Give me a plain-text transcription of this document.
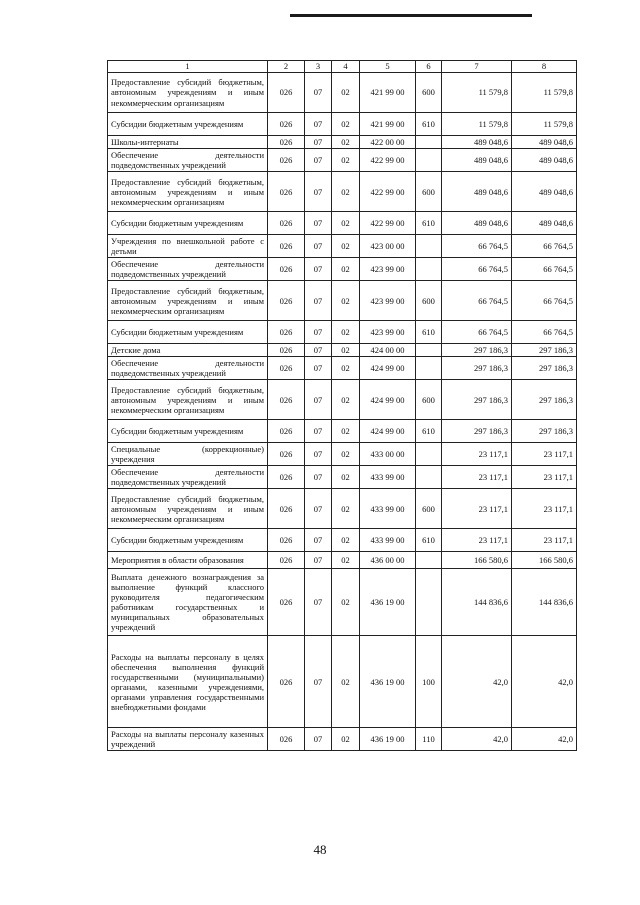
1	2	3	4	5	6	7	8
Предоставление субсидий бюджетным, автономным учреждениям и иным некоммерческим организациям	026	07	02	421 99 00	600	11 579,8	11 579,8
Субсидии бюджетным учреждениям	026	07	02	421 99 00	610	11 579,8	11 579,8
Школы-интернаты	026	07	02	422 00 00		489 048,6	489 048,6
Обеспечение деятельности подведомственных учреждений	026	07	02	422 99 00		489 048,6	489 048,6
Предоставление субсидий бюджетным, автономным учреждениям и иным некоммерческим организациям	026	07	02	422 99 00	600	489 048,6	489 048,6
Субсидии бюджетным учреждениям	026	07	02	422 99 00	610	489 048,6	489 048,6
Учреждения по внешкольной работе с детьми	026	07	02	423 00 00		66 764,5	66 764,5
Обеспечение деятельности подведомственных учреждений	026	07	02	423 99 00		66 764,5	66 764,5
Предоставление субсидий бюджетным, автономным учреждениям и иным некоммерческим организациям	026	07	02	423 99 00	600	66 764,5	66 764,5
Субсидии бюджетным учреждениям	026	07	02	423 99 00	610	66 764,5	66 764,5
Детские дома	026	07	02	424 00 00		297 186,3	297 186,3
Обеспечение деятельности подведомственных учреждений	026	07	02	424 99 00		297 186,3	297 186,3
Предоставление субсидий бюджетным, автономным учреждениям и иным некоммерческим организациям	026	07	02	424 99 00	600	297 186,3	297 186,3
Субсидии бюджетным учреждениям	026	07	02	424 99 00	610	297 186,3	297 186,3
Специальные (коррекционные) учреждения	026	07	02	433 00 00		23 117,1	23 117,1
Обеспечение деятельности подведомственных учреждений	026	07	02	433 99 00		23 117,1	23 117,1
Предоставление субсидий бюджетным, автономным учреждениям и иным некоммерческим организациям	026	07	02	433 99 00	600	23 117,1	23 117,1
Субсидии бюджетным учреждениям	026	07	02	433 99 00	610	23 117,1	23 117,1
Мероприятия в области образования	026	07	02	436 00 00		166 580,6	166 580,6
Выплата денежного вознаграждения за выполнение функций классного руководителя педагогическим работникам государственных и муниципальных образовательных учреждений	026	07	02	436 19 00		144 836,6	144 836,6
Расходы на выплаты персоналу в целях обеспечения выполнения функций государственными (муниципальными) органами, казенными учреждениями, органами управления государственными внебюджетными фондами	026	07	02	436 19 00	100	42,0	42,0
Расходы на выплаты персоналу казенных учреждений	026	07	02	436 19 00	110	42,0	42,0
48
